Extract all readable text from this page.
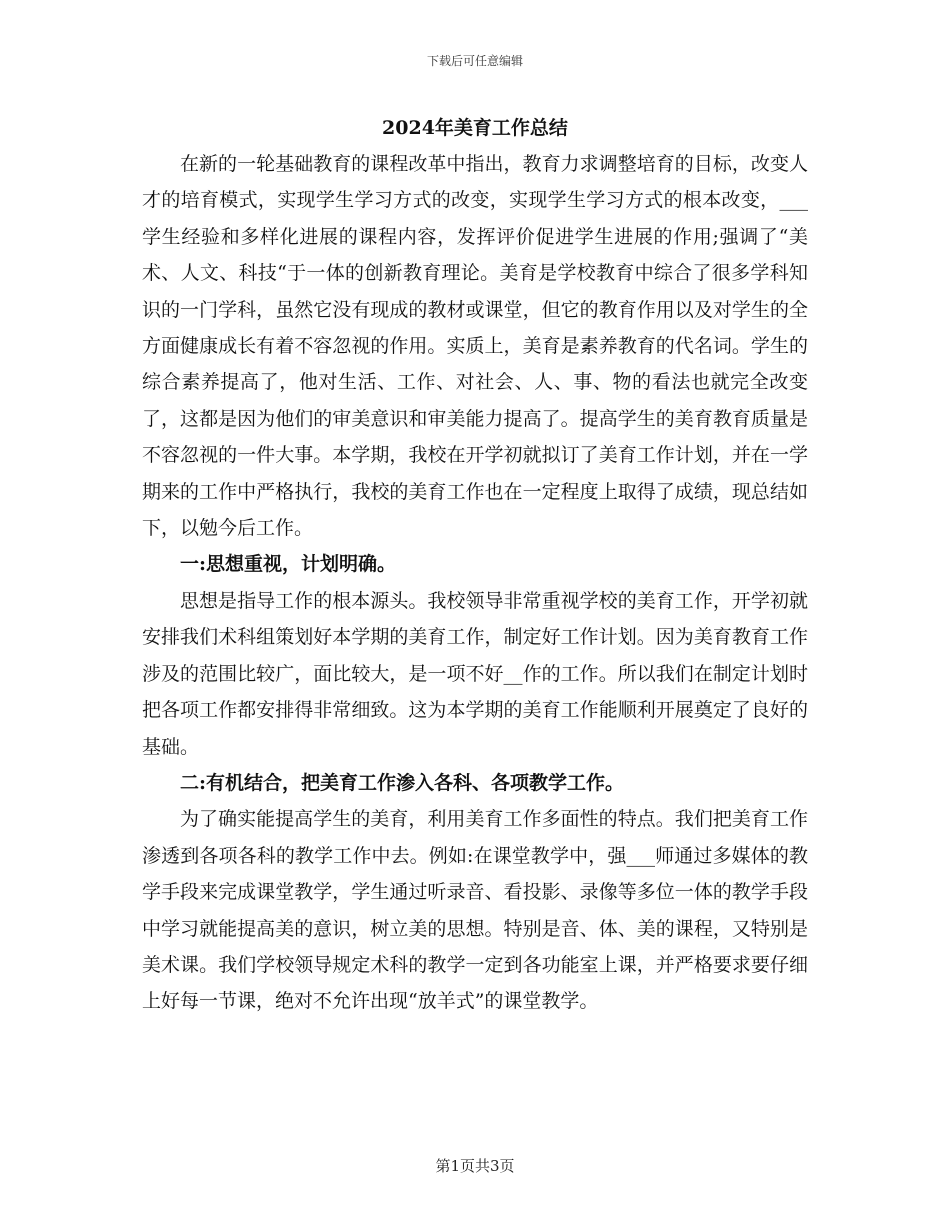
下载后可任意编辑
2024年美育工作总结

在新的一轮基础教育的课程改革中指出，教育力求调整培育的目标，改变人才的培育模式，实现学生学习方式的改变，实现学生学习方式的根本改变，___学生经验和多样化进展的课程内容，发挥评价促进学生进展的作用;强调了“美术、人文、科技“于一体的创新教育理论。美育是学校教育中综合了很多学科知识的一门学科，虽然它没有现成的教材或课堂，但它的教育作用以及对学生的全方面健康成长有着不容忽视的作用。实质上，美育是素养教育的代名词。学生的综合素养提高了，他对生活、工作、对社会、人、事、物的看法也就完全改变了，这都是因为他们的审美意识和审美能力提高了。提高学生的美育教育质量是不容忽视的一件大事。本学期，我校在开学初就拟订了美育工作计划，并在一学期来的工作中严格执行，我校的美育工作也在一定程度上取得了成绩，现总结如下，以勉今后工作。

一:思想重视，计划明确。

思想是指导工作的根本源头。我校领导非常重视学校的美育工作，开学初就安排我们术科组策划好本学期的美育工作，制定好工作计划。因为美育教育工作涉及的范围比较广，面比较大，是一项不好__作的工作。所以我们在制定计划时把各项工作都安排得非常细致。这为本学期的美育工作能顺利开展奠定了良好的基础。

二:有机结合，把美育工作渗入各科、各项教学工作。

为了确实能提高学生的美育，利用美育工作多面性的特点。我们把美育工作渗透到各项各科的教学工作中去。例如:在课堂教学中，强___师通过多媒体的教学手段来完成课堂教学，学生通过听录音、看投影、录像等多位一体的教学手段中学习就能提高美的意识，树立美的思想。特别是音、体、美的课程，又特别是美术课。我们学校领导规定术科的教学一定到各功能室上课，并严格要求要仔细上好每一节课，绝对不允许出现“放羊式”的课堂教学。

第1页共3页
